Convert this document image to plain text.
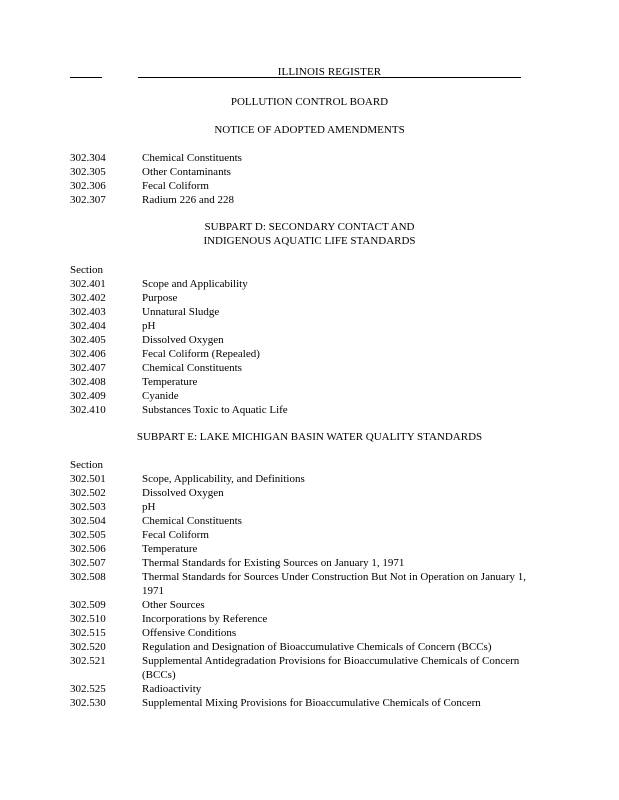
ILLINOIS REGISTER
POLLUTION CONTROL BOARD
NOTICE OF ADOPTED AMENDMENTS
302.304	Chemical Constituents
302.305	Other Contaminants
302.306	Fecal Coliform
302.307	Radium 226 and 228
SUBPART D: SECONDARY CONTACT AND
INDIGENOUS AQUATIC LIFE STANDARDS
Section
302.401	Scope and Applicability
302.402	Purpose
302.403	Unnatural Sludge
302.404	pH
302.405	Dissolved Oxygen
302.406	Fecal Coliform (Repealed)
302.407	Chemical Constituents
302.408	Temperature
302.409	Cyanide
302.410	Substances Toxic to Aquatic Life
SUBPART E: LAKE MICHIGAN BASIN WATER QUALITY STANDARDS
Section
302.501	Scope, Applicability, and Definitions
302.502	Dissolved Oxygen
302.503	pH
302.504	Chemical Constituents
302.505	Fecal Coliform
302.506	Temperature
302.507	Thermal Standards for Existing Sources on January 1, 1971
302.508	Thermal Standards for Sources Under Construction But Not in Operation on January 1, 1971
302.509	Other Sources
302.510	Incorporations by Reference
302.515	Offensive Conditions
302.520	Regulation and Designation of Bioaccumulative Chemicals of Concern (BCCs)
302.521	Supplemental Antidegradation Provisions for Bioaccumulative Chemicals of Concern (BCCs)
302.525	Radioactivity
302.530	Supplemental Mixing Provisions for Bioaccumulative Chemicals of Concern
